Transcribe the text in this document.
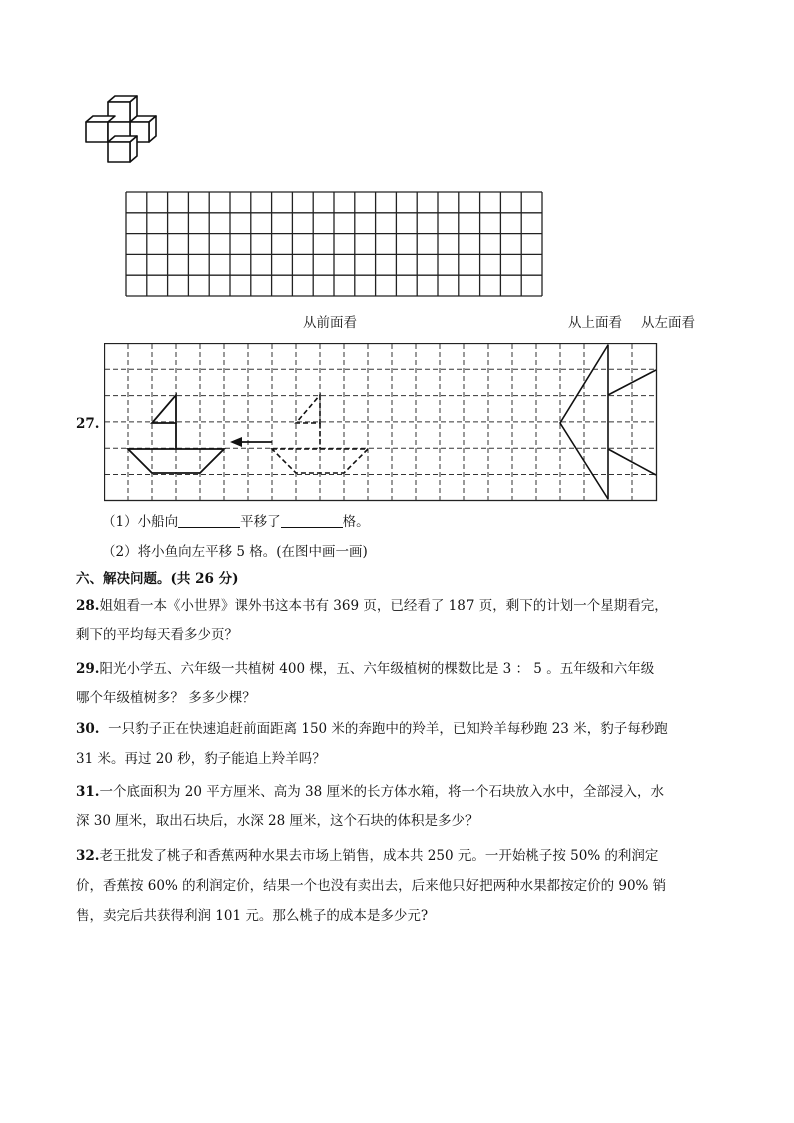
从前面看	从上面看 从左面看
27.
（1）小船向	平移了	格。
（2）将小鱼向左平移 5 格。(在图中画一画)
六、解决问题。(共 26 分)
28.姐姐看一本《小世界》课外书这本书有 369 页，已经看了 187 页，剩下的计划一个星期看完，
剩下的平均每天看多少页？
29.阳光小学五、六年级一共植树 400 棵，五、六年级植树的棵数比是 3 ： 5 。五年级和六年级
哪个年级植树多？ 多多少棵？
30.  一只豹子正在快速追赶前面距离 150 米的奔跑中的羚羊，已知羚羊每秒跑 23 米，豹子每秒跑
31 米。再过 20 秒，豹子能追上羚羊吗？
31.一个底面积为 20 平方厘米、高为 38 厘米的长方体水箱，将一个石块放入水中，全部浸入，水
深 30 厘米，取出石块后，水深 28 厘米，这个石块的体积是多少？
32.老王批发了桃子和香蕉两种水果去市场上销售，成本共 250 元。一开始桃子按 50% 的利润定
价，香蕉按 60% 的利润定价，结果一个也没有卖出去，后来他只好把两种水果都按定价的 90% 销
售，卖完后共获得利润 101 元。那么桃子的成本是多少元?
